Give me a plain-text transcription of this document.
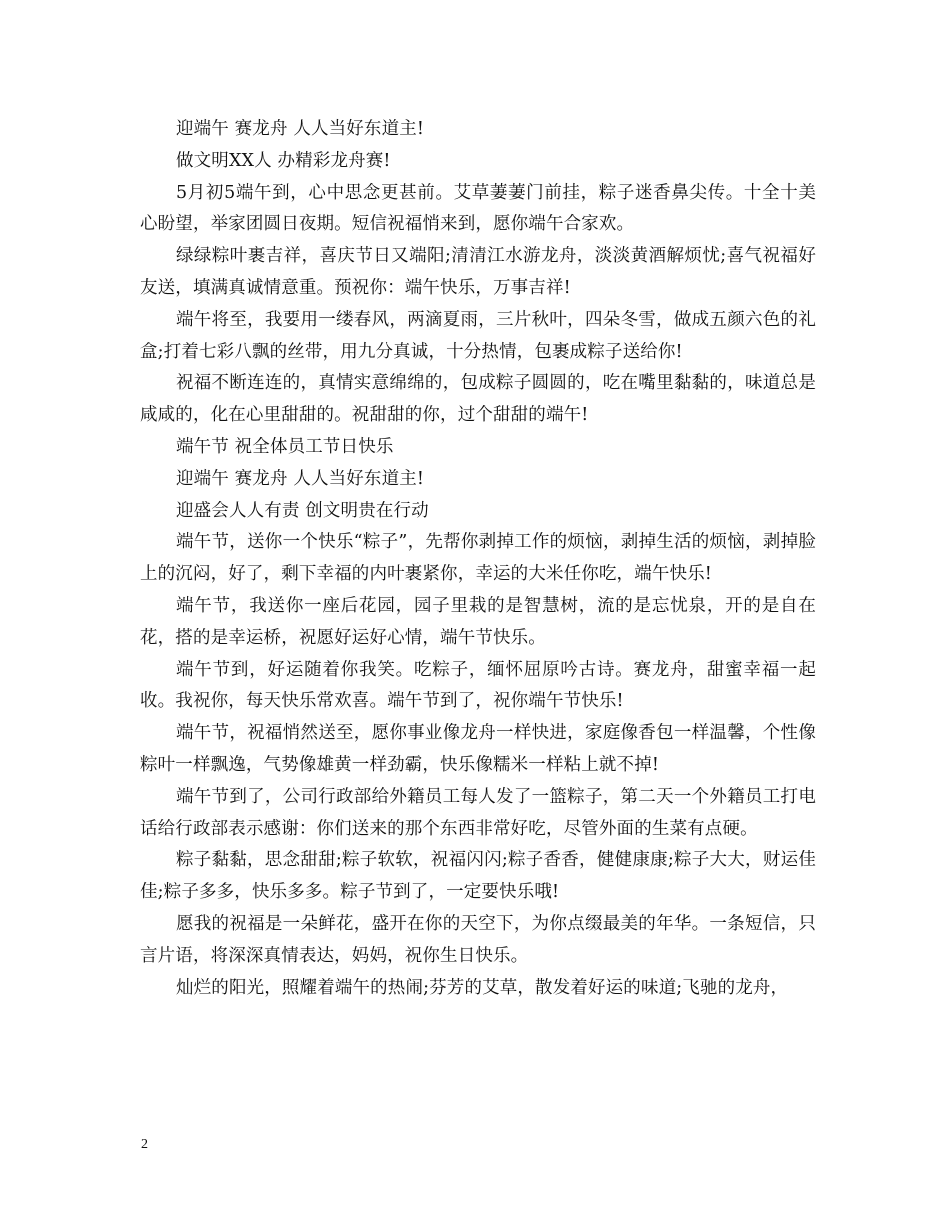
迎端午 赛龙舟 人人当好东道主!

做文明XX人 办精彩龙舟赛!

5月初5端午到，心中思念更甚前。艾草萋萋门前挂，粽子迷香鼻尖传。十全十美心盼望，举家团圆日夜期。短信祝福悄来到，愿你端午合家欢。

绿绿粽叶裹吉祥，喜庆节日又端阳;清清江水游龙舟，淡淡黄酒解烦忧;喜气祝福好友送，填满真诚情意重。预祝你：端午快乐，万事吉祥!

端午将至，我要用一缕春风，两滴夏雨，三片秋叶，四朵冬雪，做成五颜六色的礼盒;打着七彩八飘的丝带，用九分真诚，十分热情，包裹成粽子送给你!

祝福不断连连的，真情实意绵绵的，包成粽子圆圆的，吃在嘴里黏黏的，味道总是咸咸的，化在心里甜甜的。祝甜甜的你，过个甜甜的端午!

端午节 祝全体员工节日快乐

迎端午 赛龙舟 人人当好东道主!

迎盛会人人有责 创文明贵在行动

端午节，送你一个快乐“粽子”，先帮你剥掉工作的烦恼，剥掉生活的烦恼，剥掉脸上的沉闷，好了，剩下幸福的内叶裹紧你，幸运的大米任你吃，端午快乐!

端午节，我送你一座后花园，园子里栽的是智慧树，流的是忘忧泉，开的是自在花，搭的是幸运桥，祝愿好运好心情，端午节快乐。

端午节到，好运随着你我笑。吃粽子，缅怀屈原吟古诗。赛龙舟，甜蜜幸福一起收。我祝你，每天快乐常欢喜。端午节到了，祝你端午节快乐!

端午节，祝福悄然送至，愿你事业像龙舟一样快进，家庭像香包一样温馨，个性像粽叶一样飘逸，气势像雄黄一样劲霸，快乐像糯米一样粘上就不掉!

端午节到了，公司行政部给外籍员工每人发了一篮粽子，第二天一个外籍员工打电话给行政部表示感谢：你们送来的那个东西非常好吃，尽管外面的生菜有点硬。

粽子黏黏，思念甜甜;粽子软软，祝福闪闪;粽子香香，健健康康;粽子大大，财运佳佳;粽子多多，快乐多多。粽子节到了，一定要快乐哦!

愿我的祝福是一朵鲜花，盛开在你的天空下，为你点缀最美的年华。一条短信，只言片语，将深深真情表达，妈妈，祝你生日快乐。

灿烂的阳光，照耀着端午的热闹;芬芳的艾草，散发着好运的味道;飞驰的龙舟，

2
